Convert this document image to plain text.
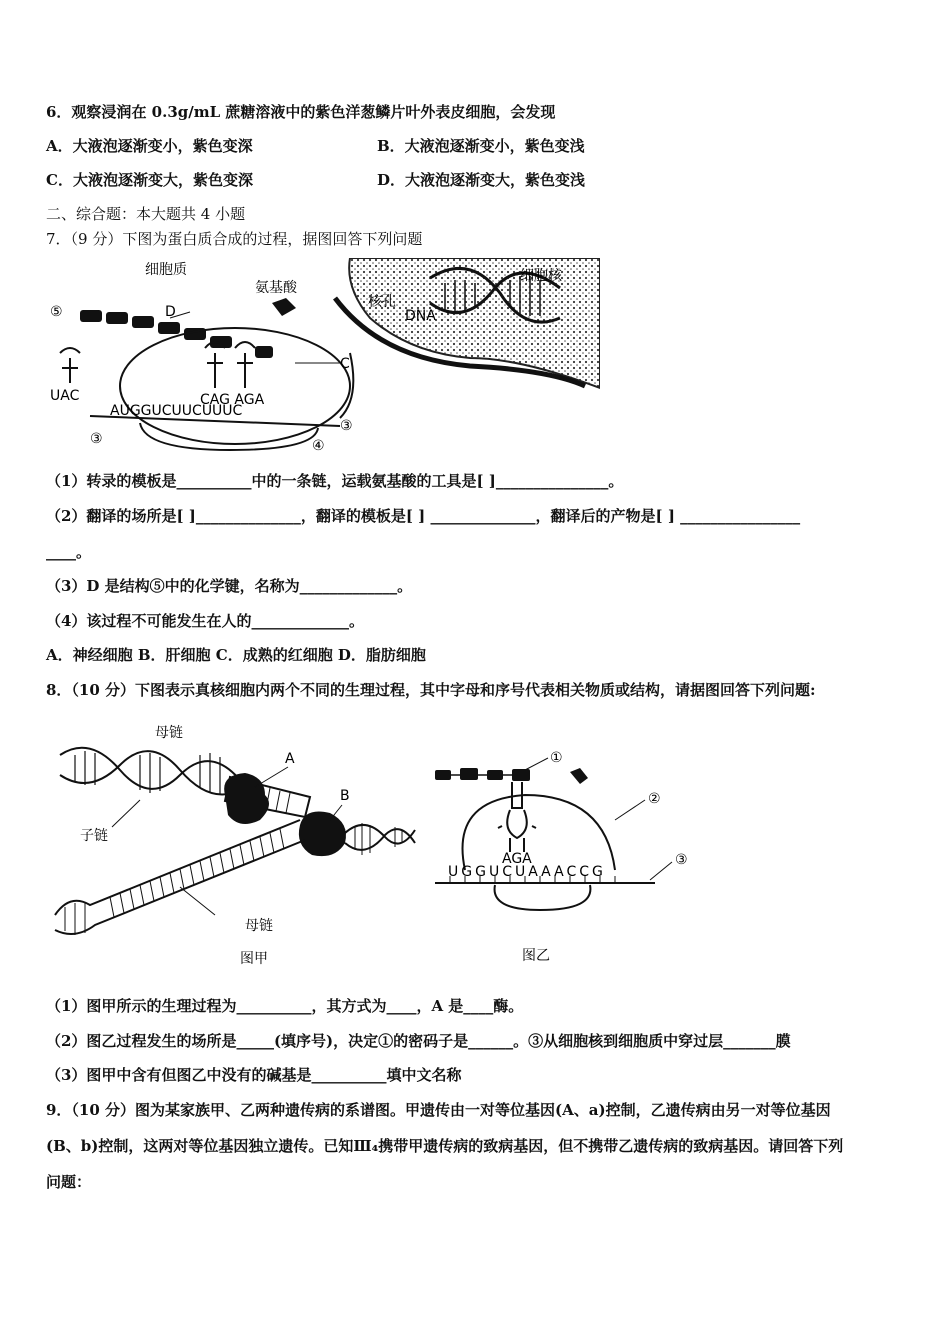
6．观察浸润在 0.3g/mL 蔗糖溶液中的紫色洋葱鳞片叶外表皮细胞，会发现
A．大液泡逐渐变小，紫色变深	B．大液泡逐渐变小，紫色变浅
C．大液泡逐渐变大，紫色变深	D．大液泡逐渐变大，紫色变浅
二、综合题：本大题共 4 小题
7．（9 分）下图为蛋白质合成的过程，据图回答下列问题
DNA
细胞核
核孔
细胞质
氨基酸
D
⑤
UAC	CAG AGA
C
AUGGUCUUCUUUC
③
③
④
（1）转录的模板是__________中的一条链，运载氨基酸的工具是[ ]_______________。
（2）翻译的场所是[ ]______________，翻译的模板是[ ] ______________，翻译后的产物是[ ] ________________
____。
（3）D 是结构⑤中的化学键，名称为_____________。
（4）该过程不可能发生在人的_____________。
A．神经细胞 B．肝细胞 C．成熟的红细胞 D．脂肪细胞
8．（10 分）下图表示真核细胞内两个不同的生理过程，其中字母和序号代表相关物质或结构，请据图回答下列问题:
母链
A
B
子链
母链
图甲
①
②
AGA
UGGUCUAAACCG
③
图乙
（1）图甲所示的生理过程为__________，其方式为____，A 是____酶。
（2）图乙过程发生的场所是_____(填序号)，决定①的密码子是______。③从细胞核到细胞质中穿过层_______膜
（3）图甲中含有但图乙中没有的碱基是__________填中文名称
9．（10 分）图为某家族甲、乙两种遗传病的系谱图。甲遗传由一对等位基因(A、a)控制，乙遗传病由另一对等位基因
(B、b)控制，这两对等位基因独立遗传。已知Ⅲ₄携带甲遗传病的致病基因，但不携带乙遗传病的致病基因。请回答下列
问题：
